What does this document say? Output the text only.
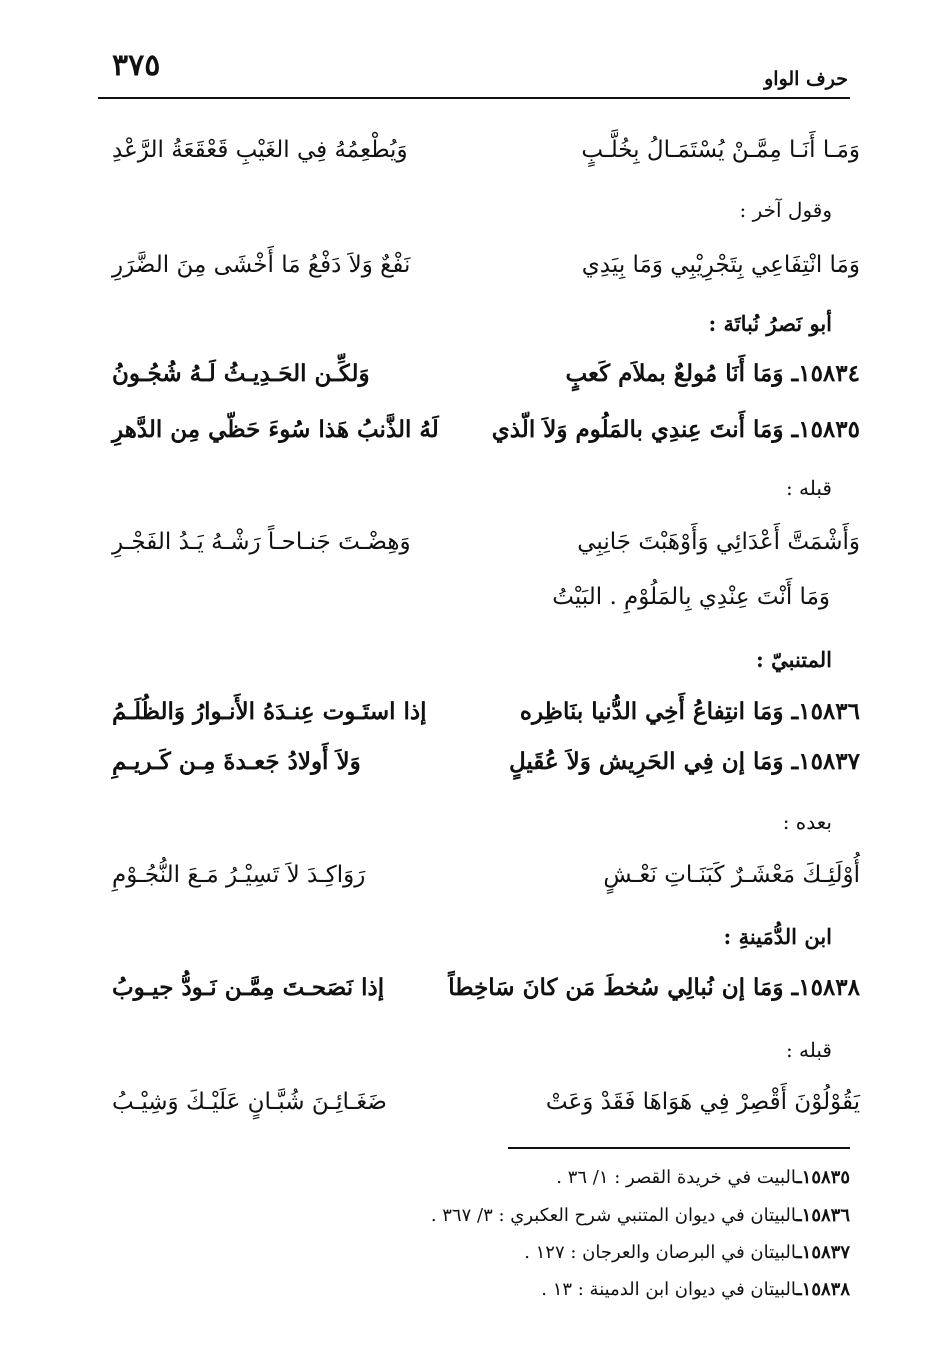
٣٧٥	حرف الواو
وَمَـا أَنَـا مِمَّـنْ يُسْتَمَـالُ بِخُلَّـبٍ
وَيُطْعِمُهُ فِي الغَيْبِ قَعْقَعَةُ الرَّعْدِ
وقول آخر :
وَمَا انْتِفَاعِي بِتَجْرِيْبِي وَمَا بِيَدِي
نَفْعٌ وَلاَ دَفْعُ مَا أَخْشَى مِنَ الضَّرَرِ
أبو نَصرُ نُباتَة :
١٥٨٣٤ـ وَمَا أَنَا مُولعٌ بملاَم كَعبٍ
وَلكِّـن الحَـدِيـثُ لَـهُ شُجُـونُ
١٥٨٣٥ـ وَمَا أَنتَ عِندِي بالمَلُوم وَلاَ الّذي
لَهُ الذَّنبُ هَذا سُوءَ حَظّي مِن الدَّهرِ
قبله :
وَأَشْمَتَّ أَعْدَائِي وَأَوْهَبْتَ جَانِبِي
وَهِضْـتَ جَنـاحـاً رَشْـهُ يَـدُ الفَجْـرِ
وَمَا أَنْتَ عِنْدِي بِالمَلُوْمِ . البَيْتُ
المتنبيّ :
١٥٨٣٦ـ وَمَا انتِفاعُ أَخِي الدُّنيا بنَاظِره
إذا استَـوت عِنـدَهُ الأَنـوارُ وَالظُلَـمُ
١٥٨٣٧ـ وَمَا إن فِي الحَرِيش وَلاَ عُقَيلٍ
وَلاَ أَولادُ جَعـدةَ مِـن كَـريـمِ
بعده :
أُوْلَئِـكَ مَعْشَـرٌ كَبَنَـاتِ نَعْـشٍ
رَوَاكِـدَ لاَ تَسِيْـرُ مَـعَ النُّجُـوْمِ
ابن الدُّمَينةِ :
١٥٨٣٨ـ وَمَا إن نُبالِي سُخطَ مَن كانَ سَاخِطاً
إذا نَصَحـتَ مِمَّـن نَـودُّ جيـوبُ
قبله :
يَقُوْلُوْنَ أَقْصِرْ فِي هَوَاهَا فَقَدْ وَعَتْ
ضَغَـائِـنَ شُبَّـانٍ عَلَيْـكَ وَشِيْـبُ
١٥٨٣٥ـالبيت في خريدة القصر : ١/ ٣٦ .
١٥٨٣٦ـالبيتان في ديوان المتنبي شرح العكبري : ٣/ ٣٦٧ .
١٥٨٣٧ـالبيتان في البرصان والعرجان : ١٢٧ .
١٥٨٣٨ـالبيتان في ديوان ابن الدمينة : ١٣ .
